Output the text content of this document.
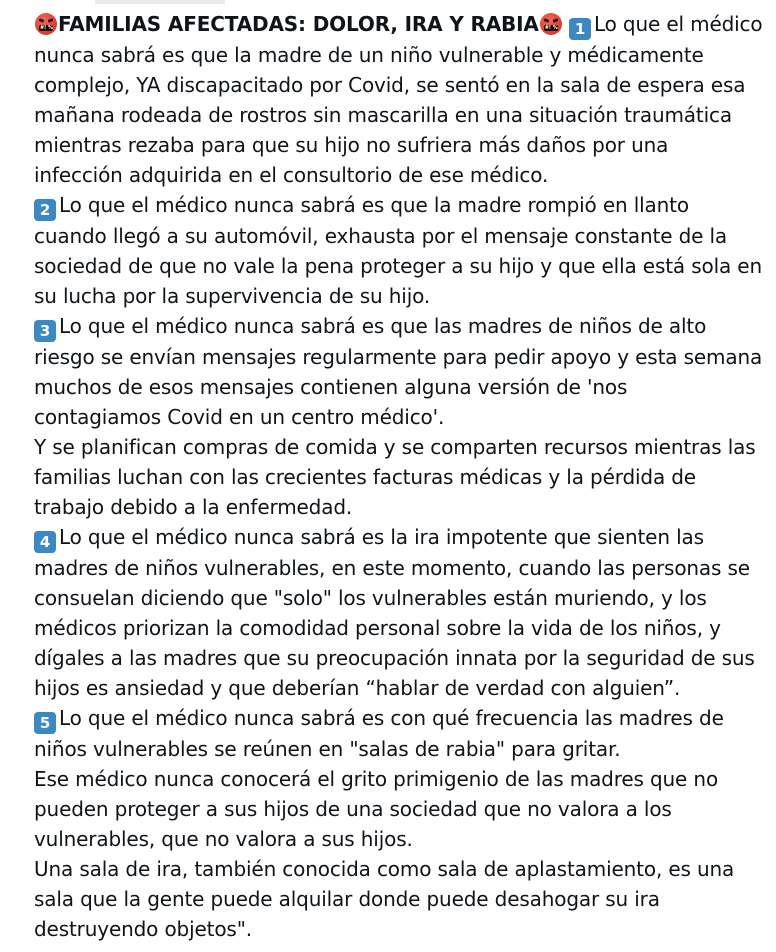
# ! % FAMILIAS AFECTADAS: DOLOR, IRA Y RABIA # ! % 1 Lo que el médico
nunca sabrá es que la madre de un niño vulnerable y médicamente
complejo, YA discapacitado por Covid, se sentó en la sala de espera esa
mañana rodeada de rostros sin mascarilla en una situación traumática
mientras rezaba para que su hijo no sufriera más daños por una
infección adquirida en el consultorio de ese médico.
2 Lo que el médico nunca sabrá es que la madre rompió en llanto
cuando llegó a su automóvil, exhausta por el mensaje constante de la
sociedad de que no vale la pena proteger a su hijo y que ella está sola en
su lucha por la supervivencia de su hijo.
3 Lo que el médico nunca sabrá es que las madres de niños de alto
riesgo se envían mensajes regularmente para pedir apoyo y esta semana
muchos de esos mensajes contienen alguna versión de 'nos
contagiamos Covid en un centro médico'.
Y se planifican compras de comida y se comparten recursos mientras las
familias luchan con las crecientes facturas médicas y la pérdida de
trabajo debido a la enfermedad.
4 Lo que el médico nunca sabrá es la ira impotente que sienten las
madres de niños vulnerables, en este momento, cuando las personas se
consuelan diciendo que "solo" los vulnerables están muriendo, y los
médicos priorizan la comodidad personal sobre la vida de los niños, y
dígales a las madres que su preocupación innata por la seguridad de sus
hijos es ansiedad y que deberían “hablar de verdad con alguien”.
5 Lo que el médico nunca sabrá es con qué frecuencia las madres de
niños vulnerables se reúnen en "salas de rabia" para gritar.
Ese médico nunca conocerá el grito primigenio de las madres que no
pueden proteger a sus hijos de una sociedad que no valora a los
vulnerables, que no valora a sus hijos.
Una sala de ira, también conocida como sala de aplastamiento, es una
sala que la gente puede alquilar donde puede desahogar su ira
destruyendo objetos".
